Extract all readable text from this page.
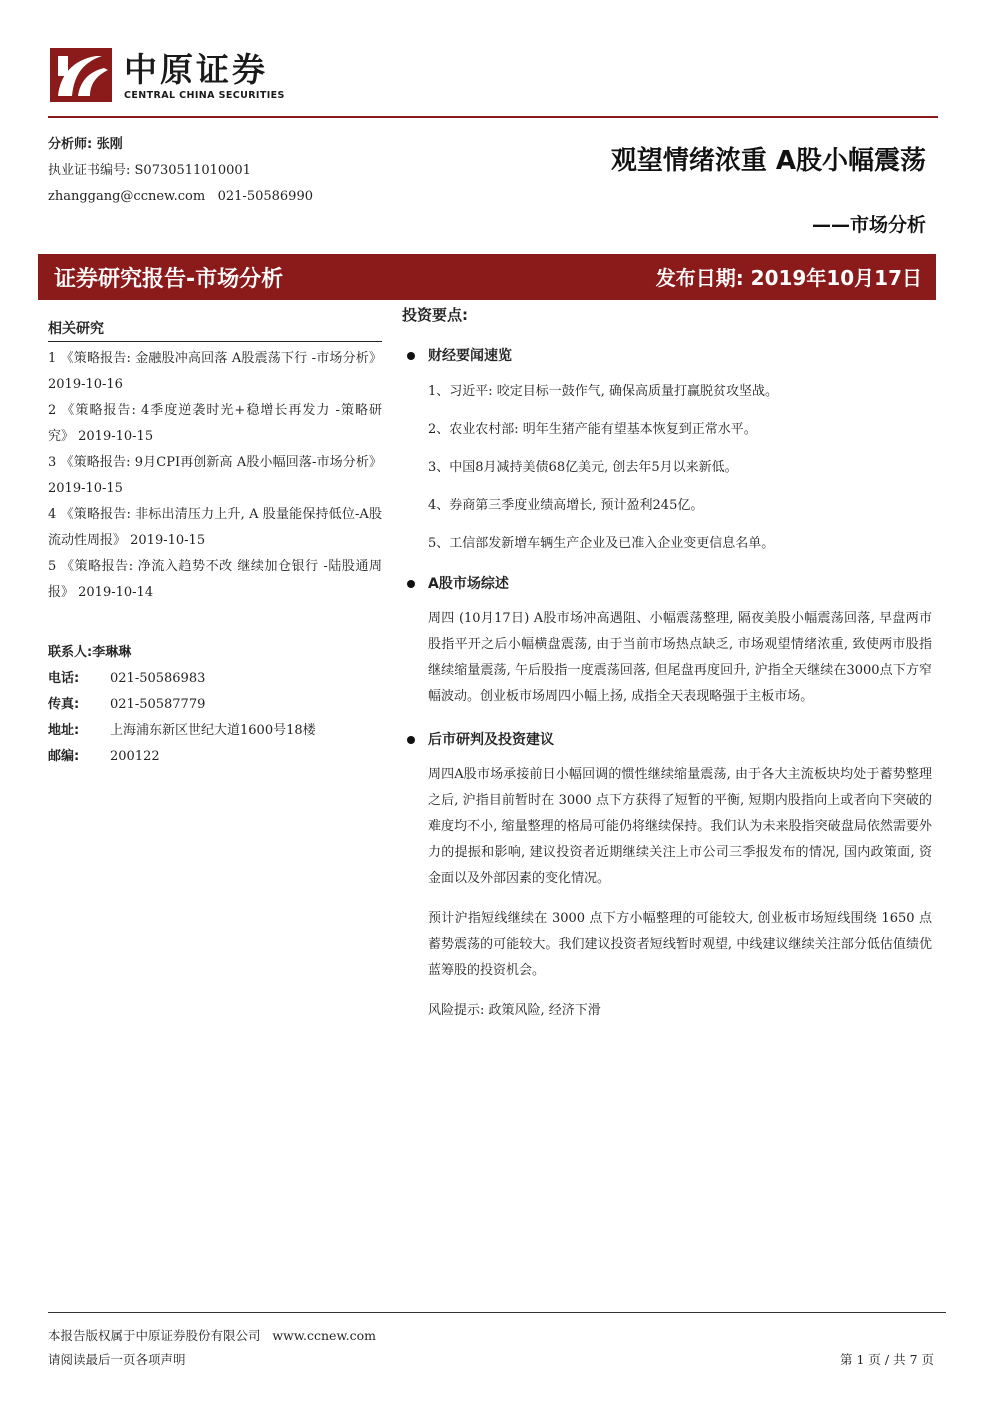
中原证券
CENTRAL CHINA SECURITIES
分析师: 张刚
执业证书编号: S0730511010001
zhanggang@ccnew.com   021-50586990
观望情绪浓重 A股小幅震荡
——市场分析
证券研究报告-市场分析	发布日期: 2019年10月17日
相关研究
1 《策略报告: 金融股冲高回落 A股震荡下行 -市场分析》 2019-10-16
2 《策略报告: 4季度逆袭时光+稳增长再发力 -策略研究》 2019-10-15
3 《策略报告: 9月CPI再创新高 A股小幅回落-市场分析》 2019-10-15
4 《策略报告: 非标出清压力上升, A 股量能保持低位-A股流动性周报》 2019-10-15
5 《策略报告: 净流入趋势不改 继续加仓银行 -陆股通周报》 2019-10-14
联系人:李琳琳
电话: 021-50586983
传真: 021-50587779
地址: 上海浦东新区世纪大道1600号18楼
邮编: 200122
投资要点:
财经要闻速览

1、习近平: 咬定目标一鼓作气, 确保高质量打赢脱贫攻坚战。

2、农业农村部: 明年生猪产能有望基本恢复到正常水平。

3、中国8月减持美债68亿美元, 创去年5月以来新低。

4、券商第三季度业绩高增长, 预计盈利245亿。

5、工信部发新增车辆生产企业及已准入企业变更信息名单。

A股市场综述

周四 (10月17日) A股市场冲高遇阻、小幅震荡整理, 隔夜美股小幅震荡回落, 早盘两市股指平开之后小幅横盘震荡, 由于当前市场热点缺乏, 市场观望情绪浓重, 致使两市股指继续缩量震荡, 午后股指一度震荡回落, 但尾盘再度回升, 沪指全天继续在3000点下方窄幅波动。创业板市场周四小幅上扬, 成指全天表现略强于主板市场。

后市研判及投资建议

周四A股市场承接前日小幅回调的惯性继续缩量震荡, 由于各大主流板块均处于蓄势整理之后, 沪指目前暂时在 3000 点下方获得了短暂的平衡, 短期内股指向上或者向下突破的难度均不小, 缩量整理的格局可能仍将继续保持。我们认为未来股指突破盘局依然需要外力的提振和影响, 建议投资者近期继续关注上市公司三季报发布的情况, 国内政策面, 资金面以及外部因素的变化情况。

预计沪指短线继续在 3000 点下方小幅整理的可能较大, 创业板市场短线围绕 1650 点蓄势震荡的可能较大。我们建议投资者短线暂时观望, 中线建议继续关注部分低估值绩优蓝筹股的投资机会。

风险提示: 政策风险, 经济下滑

本报告版权属于中原证券股份有限公司   www.ccnew.com
请阅读最后一页各项声明	第 1 页 / 共 7 页
